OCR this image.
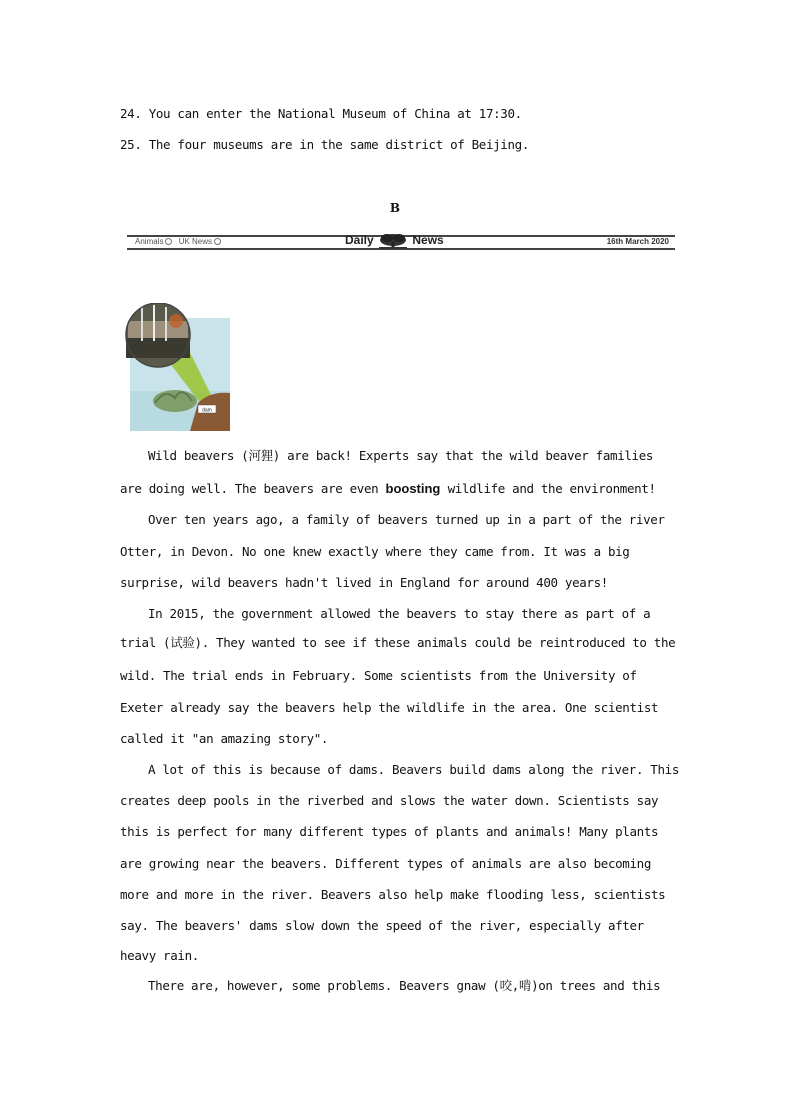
24. You can enter the National Museum of China at 17:30.

25. The four museums are in the same district of Beijing.

B
Animals UK News	Daily	News	16th March 2020
dam

Wild beavers (河狸) are back! Experts say that the wild beaver families

are doing well. The beavers are even boosting wildlife and the environment!

Over ten years ago, a family of beavers turned up in a part of the river

Otter, in Devon. No one knew exactly where they came from. It was a big

surprise, wild beavers hadn't lived in England for around 400 years!

In 2015, the government allowed the beavers to stay there as part of a

trial (试验). They wanted to see if these animals could be reintroduced to the

wild. The trial ends in February. Some scientists from the University of

Exeter already say the beavers help the wildlife in the area. One scientist

called it "an amazing story".

A lot of this is because of dams. Beavers build dams along the river. This

creates deep pools in the riverbed and slows the water down. Scientists say

this is perfect for many different types of plants and animals! Many plants

are growing near the beavers. Different types of animals are also becoming

more and more in the river. Beavers also help make flooding less, scientists

say. The beavers' dams slow down the speed of the river, especially after

heavy rain.

There are, however, some problems. Beavers gnaw (咬,啃)on trees and this
